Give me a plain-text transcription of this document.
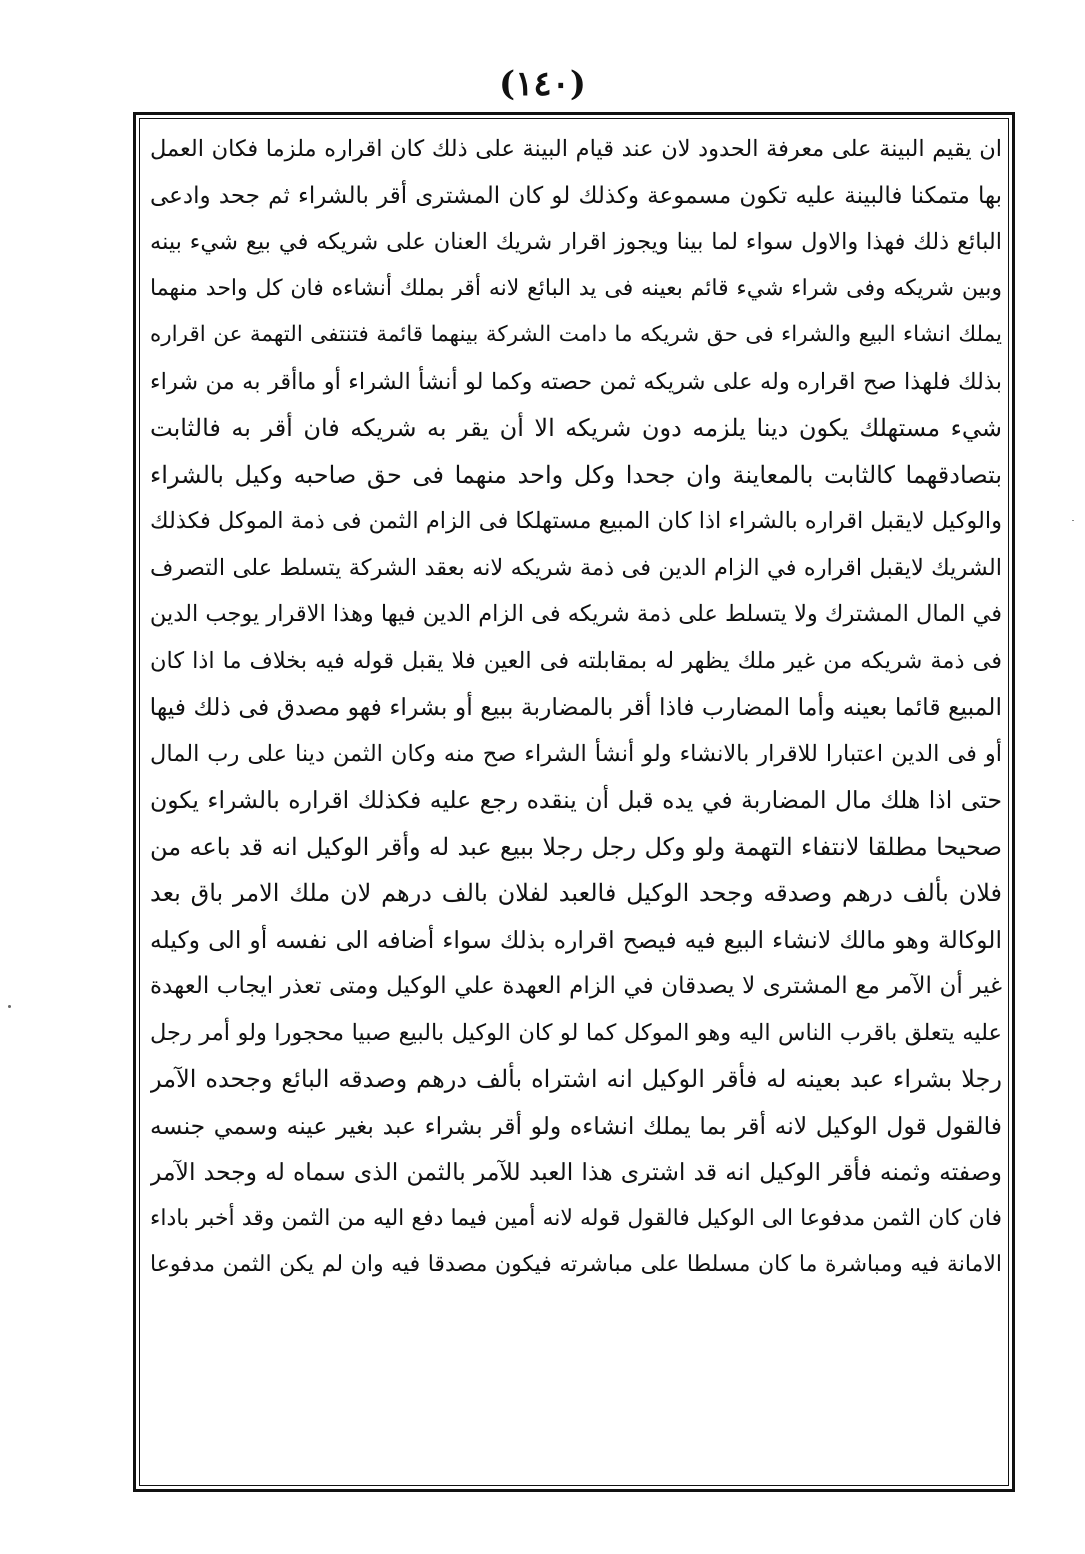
(١٤٠)
ان يقيم البينة على معرفة الحدود لان عند قيام البينة على ذلك كان اقراره ملزما فكان العمل
بها متمكنا فالبينة عليه تكون مسموعة وكذلك لو كان المشترى أقر بالشراء ثم جحد وادعى
البائع ذلك فهذا والاول سواء لما بينا ويجوز اقرار شريك العنان على شريكه في بيع شيء بينه
وبين شريكه وفى شراء شيء قائم بعينه فى يد البائع لانه أقر بملك أنشاءه فان كل واحد منهما
يملك انشاء البيع والشراء فى حق شريكه ما دامت الشركة بينهما قائمة فتنتفى التهمة عن اقراره
بذلك فلهذا صح اقراره وله على شريكه ثمن حصته وكما لو أنشأ الشراء أو ماأقر به من شراء
شيء مستهلك يكون دينا يلزمه دون شريكه الا أن يقر به شريكه فان أقر به فالثابت
بتصادقهما كالثابت بالمعاينة وان جحدا وكل واحد منهما فى حق صاحبه وكيل بالشراء
والوكيل لايقبل اقراره بالشراء اذا كان المبيع مستهلكا فى الزام الثمن فى ذمة الموكل فكذلك
الشريك لايقبل اقراره في الزام الدين فى ذمة شريكه لانه بعقد الشركة يتسلط على التصرف
في المال المشترك ولا يتسلط على ذمة شريكه فى الزام الدين فيها وهذا الاقرار يوجب الدين
فى ذمة شريكه من غير ملك يظهر له بمقابلته فى العين فلا يقبل قوله فيه بخلاف ما اذا كان
المبيع قائما بعينه وأما المضارب فاذا أقر بالمضاربة ببيع أو بشراء فهو مصدق فى ذلك فيها
أو فى الدين اعتبارا للاقرار بالانشاء ولو أنشأ الشراء صح منه وكان الثمن دينا على رب المال
حتى اذا هلك مال المضاربة في يده قبل أن ينقده رجع عليه فكذلك اقراره بالشراء يكون
صحيحا مطلقا لانتفاء التهمة ولو وكل رجل رجلا ببيع عبد له وأقر الوكيل انه قد باعه من
فلان بألف درهم وصدقه وجحد الوكيل فالعبد لفلان بالف درهم لان ملك الامر باق بعد
الوكالة وهو مالك لانشاء البيع فيه فيصح اقراره بذلك سواء أضافه الى نفسه أو الى وكيله
غير أن الآمر مع المشترى لا يصدقان في الزام العهدة علي الوكيل ومتى تعذر ايجاب العهدة
عليه يتعلق باقرب الناس اليه وهو الموكل كما لو كان الوكيل بالبيع صبيا محجورا ولو أمر رجل
رجلا بشراء عبد بعينه له فأقر الوكيل انه اشتراه بألف درهم وصدقه البائع وجحده الآمر
فالقول قول الوكيل لانه أقر بما يملك انشاءه ولو أقر بشراء عبد بغير عينه وسمي جنسه
وصفته وثمنه فأقر الوكيل انه قد اشترى هذا العبد للآمر بالثمن الذى سماه له وجحد الآمر
فان كان الثمن مدفوعا الى الوكيل فالقول قوله لانه أمين فيما دفع اليه من الثمن وقد أخبر باداء
الامانة فيه ومباشرة ما كان مسلطا على مباشرته فيكون مصدقا فيه وان لم يكن الثمن مدفوعا
